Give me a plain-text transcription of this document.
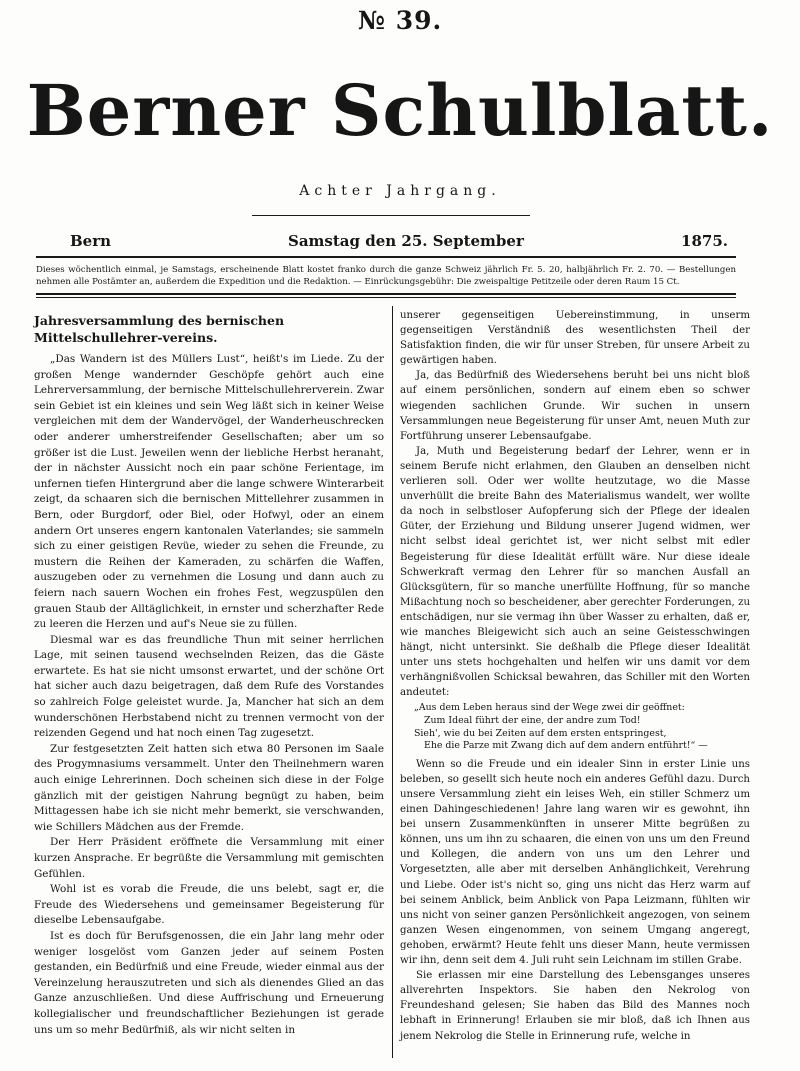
№ 39.
Berner Schulblatt.
Achter Jahrgang.
Bern	Samstag den 25. September	1875.
Dieses wöchentlich einmal, je Samstags, erscheinende Blatt kostet franko durch die ganze Schweiz jährlich Fr. 5. 20, halbjährlich Fr. 2. 70. — Bestellungen nehmen alle Postämter an, außerdem die Expedition und die Redaktion. — Einrückungsgebühr: Die zweispaltige Petitzeile oder deren Raum 15 Ct.
Jahresversammlung des bernischen Mittelschullehrer-vereins.

„Das Wandern ist des Müllers Lust“, heißt's im Liede. Zu der großen Menge wandernder Geschöpfe gehört auch eine Lehrerversammlung, der bernische Mittelschullehrerverein. Zwar sein Gebiet ist ein kleines und sein Weg läßt sich in keiner Weise vergleichen mit dem der Wandervögel, der Wanderheuschrecken oder anderer umherstreifender Gesellschaften; aber um so größer ist die Lust. Jeweilen wenn der liebliche Herbst heranaht, der in nächster Aussicht noch ein paar schöne Ferientage, im unfernen tiefen Hintergrund aber die lange schwere Winterarbeit zeigt, da schaaren sich die bernischen Mittellehrer zusammen in Bern, oder Burgdorf, oder Biel, oder Hofwyl, oder an einem andern Ort unseres engern kantonalen Vaterlandes; sie sammeln sich zu einer geistigen Revüe, wieder zu sehen die Freunde, zu mustern die Reihen der Kameraden, zu schärfen die Waffen, auszugeben oder zu vernehmen die Losung und dann auch zu feiern nach sauern Wochen ein frohes Fest, wegzuspülen den grauen Staub der Alltäglichkeit, in ernster und scherzhafter Rede zu leeren die Herzen und auf's Neue sie zu füllen.

Diesmal war es das freundliche Thun mit seiner herrlichen Lage, mit seinen tausend wechselnden Reizen, das die Gäste erwartete. Es hat sie nicht umsonst erwartet, und der schöne Ort hat sicher auch dazu beigetragen, daß dem Rufe des Vorstandes so zahlreich Folge geleistet wurde. Ja, Mancher hat sich an dem wunderschönen Herbstabend nicht zu trennen vermocht von der reizenden Gegend und hat noch einen Tag zugesetzt.

Zur festgesetzten Zeit hatten sich etwa 80 Personen im Saale des Progymnasiums versammelt. Unter den Theilnehmern waren auch einige Lehrerinnen. Doch scheinen sich diese in der Folge gänzlich mit der geistigen Nahrung begnügt zu haben, beim Mittagessen habe ich sie nicht mehr bemerkt, sie verschwanden, wie Schillers Mädchen aus der Fremde.

Der Herr Präsident eröffnete die Versammlung mit einer kurzen Ansprache. Er begrüßte die Versammlung mit gemischten Gefühlen.

Wohl ist es vorab die Freude, die uns belebt, sagt er, die Freude des Wiedersehens und gemeinsamer Begeisterung für dieselbe Lebensaufgabe.

Ist es doch für Berufsgenossen, die ein Jahr lang mehr oder weniger losgelöst vom Ganzen jeder auf seinem Posten gestanden, ein Bedürfniß und eine Freude, wieder einmal aus der Vereinzelung herauszutreten und sich als dienendes Glied an das Ganze anzuschließen. Und diese Auffrischung und Erneuerung kollegialischer und freundschaftlicher Beziehungen ist gerade uns um so mehr Bedürfniß, als wir nicht selten in

unserer gegenseitigen Uebereinstimmung, in unserm gegenseitigen Verständniß des wesentlichsten Theil der Satisfaktion finden, die wir für unser Streben, für unsere Arbeit zu gewärtigen haben.

Ja, das Bedürfniß des Wiedersehens beruht bei uns nicht bloß auf einem persönlichen, sondern auf einem eben so schwer wiegenden sachlichen Grunde. Wir suchen in unsern Versammlungen neue Begeisterung für unser Amt, neuen Muth zur Fortführung unserer Lebensaufgabe.

Ja, Muth und Begeisterung bedarf der Lehrer, wenn er in seinem Berufe nicht erlahmen, den Glauben an denselben nicht verlieren soll. Oder wer wollte heutzutage, wo die Masse unverhüllt die breite Bahn des Materialismus wandelt, wer wollte da noch in selbstloser Aufopferung sich der Pflege der idealen Güter, der Erziehung und Bildung unserer Jugend widmen, wer nicht selbst ideal gerichtet ist, wer nicht selbst mit edler Begeisterung für diese Idealität erfüllt wäre. Nur diese ideale Schwerkraft vermag den Lehrer für so manchen Ausfall an Glücksgütern, für so manche unerfüllte Hoffnung, für so manche Mißachtung noch so bescheidener, aber gerechter Forderungen, zu entschädigen, nur sie vermag ihn über Wasser zu erhalten, daß er, wie manches Bleigewicht sich auch an seine Geistesschwingen hängt, nicht untersinkt. Sie deßhalb die Pflege dieser Idealität unter uns stets hochgehalten und helfen wir uns damit vor dem verhängnißvollen Schicksal bewahren, das Schiller mit den Worten andeutet:

„Aus dem Leben heraus sind der Wege zwei dir geöffnet:
Zum Ideal führt der eine, der andre zum Tod!
Sieh', wie du bei Zeiten auf dem ersten entspringest,
Ehe die Parze mit Zwang dich auf dem andern entführt!“ —

Wenn so die Freude und ein idealer Sinn in erster Linie uns beleben, so gesellt sich heute noch ein anderes Gefühl dazu. Durch unsere Versammlung zieht ein leises Weh, ein stiller Schmerz um einen Dahingeschiedenen! Jahre lang waren wir es gewohnt, ihn bei unsern Zusammenkünften in unserer Mitte begrüßen zu können, uns um ihn zu schaaren, die einen von uns um den Freund und Kollegen, die andern von uns um den Lehrer und Vorgesetzten, alle aber mit derselben Anhänglichkeit, Verehrung und Liebe. Oder ist's nicht so, ging uns nicht das Herz warm auf bei seinem Anblick, beim Anblick von Papa Leizmann, fühlten wir uns nicht von seiner ganzen Persönlichkeit angezogen, von seinem ganzen Wesen eingenommen, von seinem Umgang angeregt, gehoben, erwärmt? Heute fehlt uns dieser Mann, heute vermissen wir ihn, denn seit dem 4. Juli ruht sein Leichnam im stillen Grabe.

Sie erlassen mir eine Darstellung des Lebensganges unseres allverehrten Inspektors. Sie haben den Nekrolog von Freundeshand gelesen; Sie haben das Bild des Mannes noch lebhaft in Erinnerung! Erlauben sie mir bloß, daß ich Ihnen aus jenem Nekrolog die Stelle in Erinnerung rufe, welche in
